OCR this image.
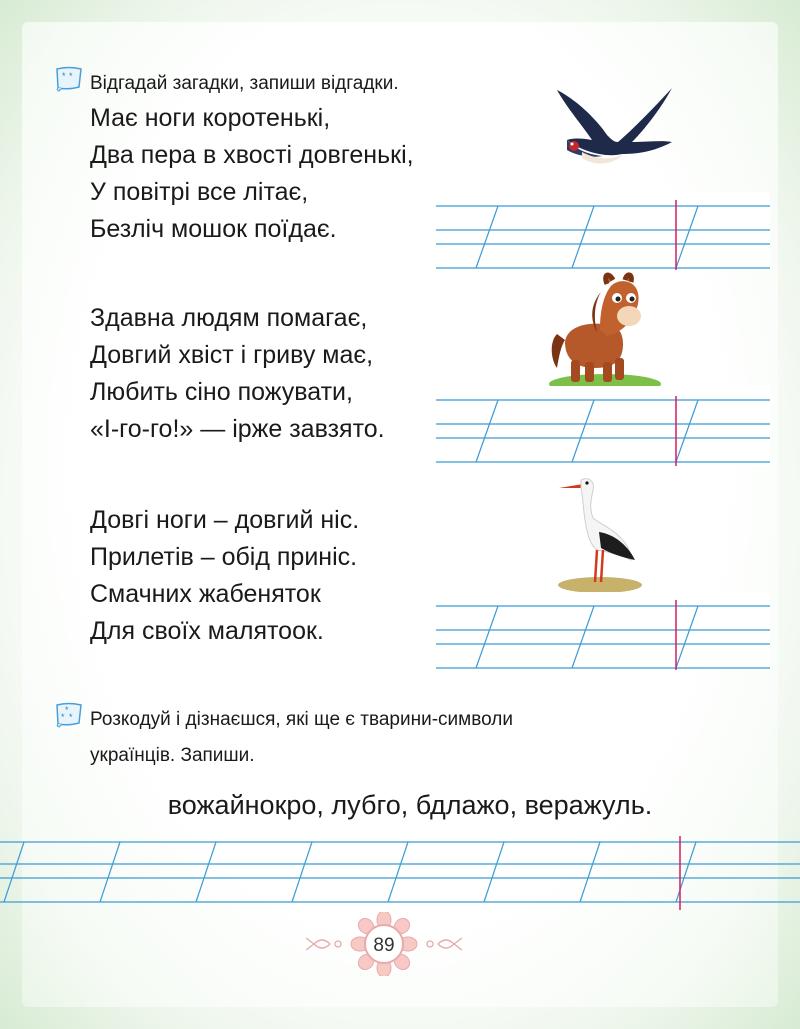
* * Відгадай загадки, запиши відгадки.
Має ноги коротенькі,
Два пера в хвості довгенькі,
У повітрі все літає,
Безліч мошок поїдає.
Здавна людям помагає,
Довгий хвіст і гриву має,
Любить сіно пожувати,
«І-го-го!» — ірже завзято.
Довгі ноги – довгий ніс.
Прилетів – обід приніс.
Смачних жабеняток
Для своїх малятоок.
*
* * Розкодуй і дізнаєшся, які ще є тварини-символи
українців. Запиши.
вожайнокро, лубго, бдлажо, веражуль.
89
